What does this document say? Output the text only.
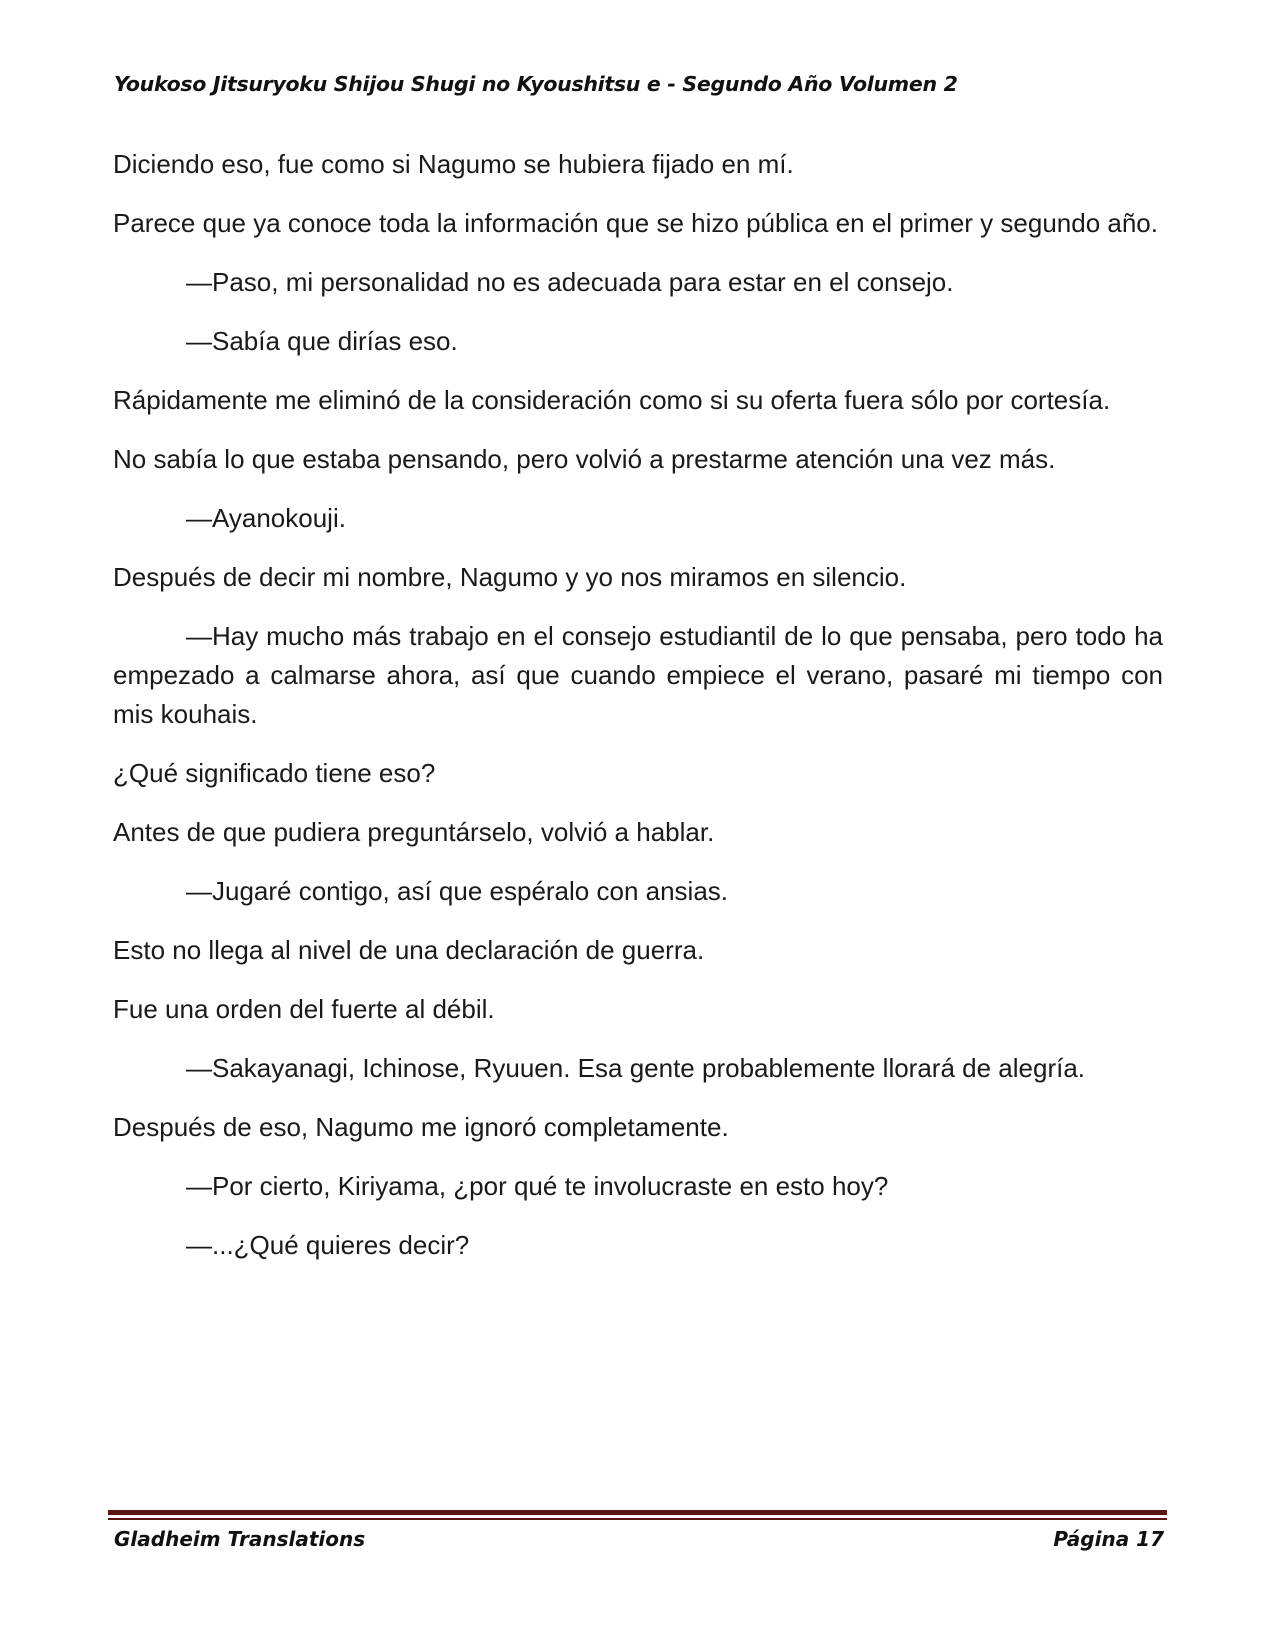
Youkoso Jitsuryoku Shijou Shugi no Kyoushitsu e - Segundo Año Volumen 2

Diciendo eso, fue como si Nagumo se hubiera fijado en mí.

Parece que ya conoce toda la información que se hizo pública en el primer y segundo año.

—Paso, mi personalidad no es adecuada para estar en el consejo.

—Sabía que dirías eso.

Rápidamente me eliminó de la consideración como si su oferta fuera sólo por cortesía.

No sabía lo que estaba pensando, pero volvió a prestarme atención una vez más.

—Ayanokouji.

Después de decir mi nombre, Nagumo y yo nos miramos en silencio.

—Hay mucho más trabajo en el consejo estudiantil de lo que pensaba, pero todo ha empezado a calmarse ahora, así que cuando empiece el verano, pasaré mi tiempo con mis kouhais.

¿Qué significado tiene eso?

Antes de que pudiera preguntárselo, volvió a hablar.

—Jugaré contigo, así que espéralo con ansias.

Esto no llega al nivel de una declaración de guerra.

Fue una orden del fuerte al débil.

—Sakayanagi, Ichinose, Ryuuen. Esa gente probablemente llorará de alegría.

Después de eso, Nagumo me ignoró completamente.

—Por cierto, Kiriyama, ¿por qué te involucraste en esto hoy?

—...¿Qué quieres decir?

Gladheim Translations	Página 17
